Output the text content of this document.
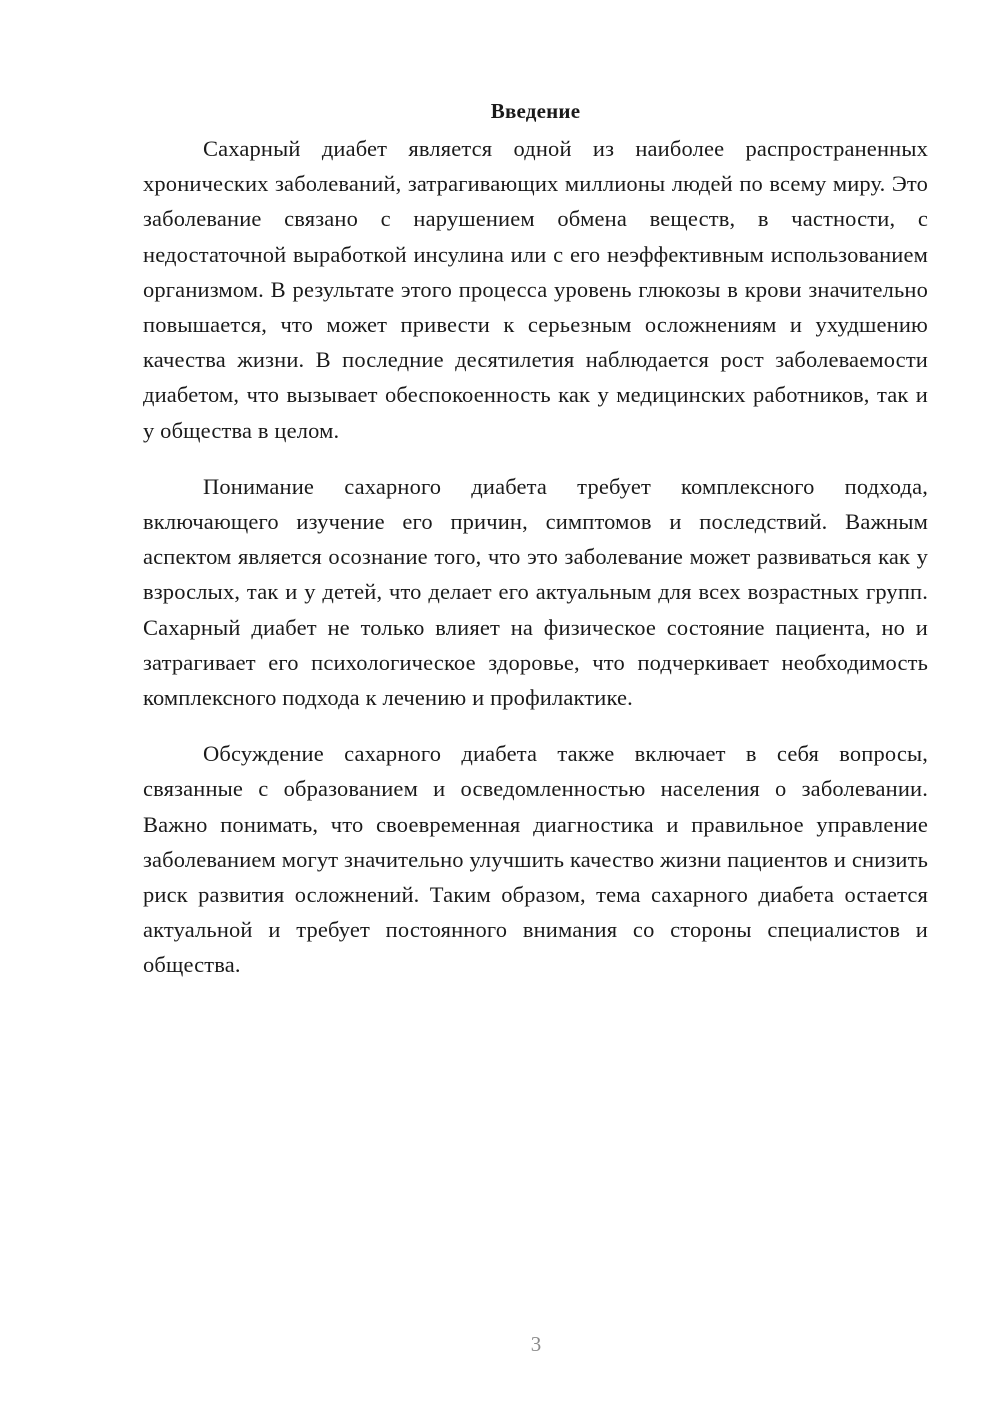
Введение

Сахарный диабет является одной из наиболее распространенных хронических заболеваний, затрагивающих миллионы людей по всему миру. Это заболевание связано с нарушением обмена веществ, в частности, с недостаточной выработкой инсулина или с его неэффективным использованием организмом. В результате этого процесса уровень глюкозы в крови значительно повышается, что может привести к серьезным осложнениям и ухудшению качества жизни. В последние десятилетия наблюдается рост заболеваемости диабетом, что вызывает обеспокоенность как у медицинских работников, так и у общества в целом.

Понимание сахарного диабета требует комплексного подхода, включающего изучение его причин, симптомов и последствий. Важным аспектом является осознание того, что это заболевание может развиваться как у взрослых, так и у детей, что делает его актуальным для всех возрастных групп. Сахарный диабет не только влияет на физическое состояние пациента, но и затрагивает его психологическое здоровье, что подчеркивает необходимость комплексного подхода к лечению и профилактике.

Обсуждение сахарного диабета также включает в себя вопросы, связанные с образованием и осведомленностью населения о заболевании. Важно понимать, что своевременная диагностика и правильное управление заболеванием могут значительно улучшить качество жизни пациентов и снизить риск развития осложнений. Таким образом, тема сахарного диабета остается актуальной и требует постоянного внимания со стороны специалистов и общества.

3
